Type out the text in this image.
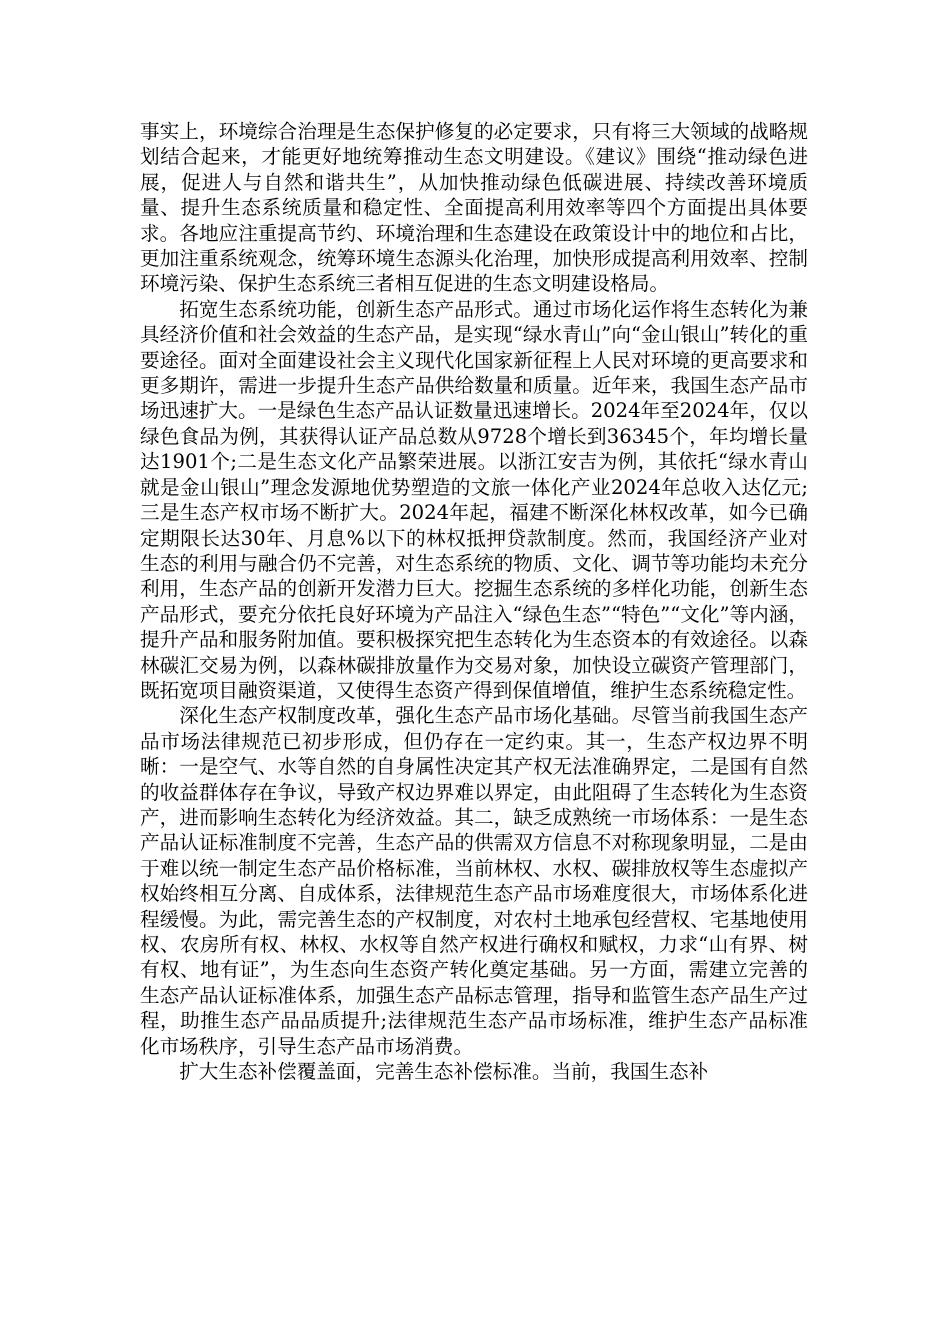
事实上，环境综合治理是生态保护修复的必定要求，只有将三大领域的战略规划结合起来，才能更好地统筹推动生态文明建设。《建议》围绕“推动绿色进展，促进人与自然和谐共生”，从加快推动绿色低碳进展、持续改善环境质量、提升生态系统质量和稳定性、全面提高利用效率等四个方面提出具体要求。各地应注重提高节约、环境治理和生态建设在政策设计中的地位和占比，更加注重系统观念，统筹环境生态源头化治理，加快形成提高利用效率、控制环境污染、保护生态系统三者相互促进的生态文明建设格局。

拓宽生态系统功能，创新生态产品形式。通过市场化运作将生态转化为兼具经济价值和社会效益的生态产品，是实现“绿水青山”向“金山银山”转化的重要途径。面对全面建设社会主义现代化国家新征程上人民对环境的更高要求和更多期许，需进一步提升生态产品供给数量和质量。近年来，我国生态产品市场迅速扩大。一是绿色生态产品认证数量迅速增长。2024年至2024年，仅以绿色食品为例，其获得认证产品总数从9728个增长到36345个，年均增长量达1901个;二是生态文化产品繁荣进展。以浙江安吉为例，其依托“绿水青山就是金山银山”理念发源地优势塑造的文旅一体化产业2024年总收入达亿元;三是生态产权市场不断扩大。2024年起，福建不断深化林权改革，如今已确定期限长达30年、月息%以下的林权抵押贷款制度。然而，我国经济产业对生态的利用与融合仍不完善，对生态系统的物质、文化、调节等功能均未充分利用，生态产品的创新开发潜力巨大。挖掘生态系统的多样化功能，创新生态产品形式，要充分依托良好环境为产品注入“绿色生态”“特色”“文化”等内涵，提升产品和服务附加值。要积极探究把生态转化为生态资本的有效途径。以森林碳汇交易为例，以森林碳排放量作为交易对象，加快设立碳资产管理部门，既拓宽项目融资渠道，又使得生态资产得到保值增值，维护生态系统稳定性。

深化生态产权制度改革，强化生态产品市场化基础。尽管当前我国生态产品市场法律规范已初步形成，但仍存在一定约束。其一，生态产权边界不明晰：一是空气、水等自然的自身属性决定其产权无法准确界定，二是国有自然的收益群体存在争议，导致产权边界难以界定，由此阻碍了生态转化为生态资产，进而影响生态转化为经济效益。其二，缺乏成熟统一市场体系：一是生态产品认证标准制度不完善，生态产品的供需双方信息不对称现象明显，二是由于难以统一制定生态产品价格标准，当前林权、水权、碳排放权等生态虚拟产权始终相互分离、自成体系，法律规范生态产品市场难度很大，市场体系化进程缓慢。为此，需完善生态的产权制度，对农村土地承包经营权、宅基地使用权、农房所有权、林权、水权等自然产权进行确权和赋权，力求“山有界、树有权、地有证”，为生态向生态资产转化奠定基础。另一方面，需建立完善的生态产品认证标准体系，加强生态产品标志管理，指导和监管生态产品生产过程，助推生态产品品质提升;法律规范生态产品市场标准，维护生态产品标准化市场秩序，引导生态产品市场消费。

扩大生态补偿覆盖面，完善生态补偿标准。当前，我国生态补
